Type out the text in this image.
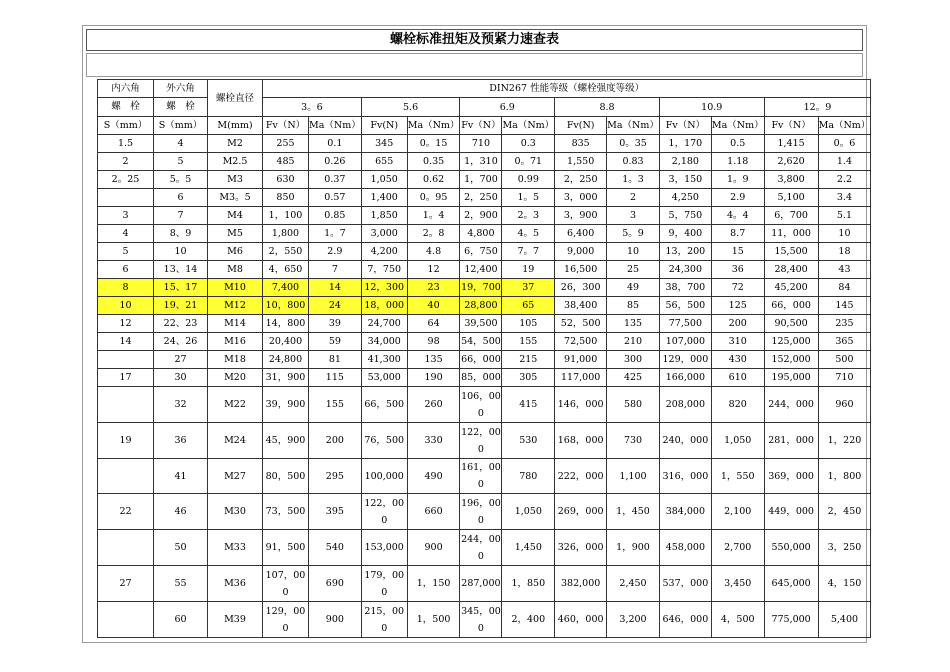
螺栓标准扭矩及预紧力速查表
内六角	外六角	螺栓直径	DIN267 性能等级（螺栓强度等级）											
螺　栓	螺　栓		3。6		5.6		6.9		8.8		10.9		12。9	
S（mm）	S（mm）	M(mm)	Fv（N）	Ma（Nm）	Fv(N)	Ma（Nm）	Fv（N）	Ma（Nm）	Fv(N)	Ma（Nm）	Fv（N）	Ma（Nm）	Fv（N）	Ma（Nm）
1.5	4	M2	255	0.1	345	0。15	710	0.3	835	0。35	1，170	0.5	1,415	0。6
2	5	M2.5	485	0.26	655	0.35	1，310	0。71	1,550	0.83	2,180	1.18	2,620	1.4
2。25	5。5	M3	630	0.37	1,050	0.62	1，700	0.99	2，250	1。3	3，150	1。9	3,800	2.2
	6	M3。5	850	0.57	1,400	0。95	2，250	1。5	3，000	2	4,250	2.9	5,100	3.4
3	7	M4	1，100	0.85	1,850	1。4	2，900	2。3	3，900	3	5，750	4。4	6，700	5.1
4	8、9	M5	1,800	1。7	3,000	2。8	4,800	4。5	6,400	5。9	9，400	8.7	11，000	10
5	10	M6	2，550	2.9	4,200	4.8	6，750	7。7	9,000	10	13，200	15	15,500	18
6	13、14	M8	4，650	7	7，750	12	12,400	19	16,500	25	24,300	36	28,400	43
8	15、17	M10	7,400	14	12，300	23	19，700	37	26，300	49	38，700	72	45,200	84
10	19、21	M12	10，800	24	18，000	40	28,800	65	38,400	85	56，500	125	66，000	145
12	22、23	M14	14，800	39	24,700	64	39,500	105	52，500	135	77,500	200	90,500	235
14	24、26	M16	20,400	59	34,000	98	54，500	155	72,500	210	107,000	310	125,000	365
	27	M18	24,800	81	41,300	135	66，000	215	91,000	300	129，000	430	152,000	500
17	30	M20	31，900	115	53,000	190	85，000	305	117,000	425	166,000	610	195,000	710
	32	M22	39，900	155	66，500	260	106，000	415	146，000	580	208,000	820	244，000	960
19	36	M24	45，900	200	76，500	330	122，000	530	168，000	730	240，000	1,050	281，000	1，220
	41	M27	80，500	295	100,000	490	161，000	780	222，000	1,100	316，000	1，550	369，000	1，800
22	46	M30	73，500	395	122，000	660	196，000	1,050	269，000	1，450	384,000	2,100	449，000	2，450
	50	M33	91，500	540	153,000	900	244，000	1,450	326，000	1，900	458,000	2,700	550,000	3，250
27	55	M36	107，000	690	179，000	1，150	287,000	1，850	382,000	2,450	537，000	3,450	645,000	4，150
	60	M39	129，000	900	215，000	1，500	345，000	2，400	460，000	3,200	646，000	4，500	775,000	5,400
